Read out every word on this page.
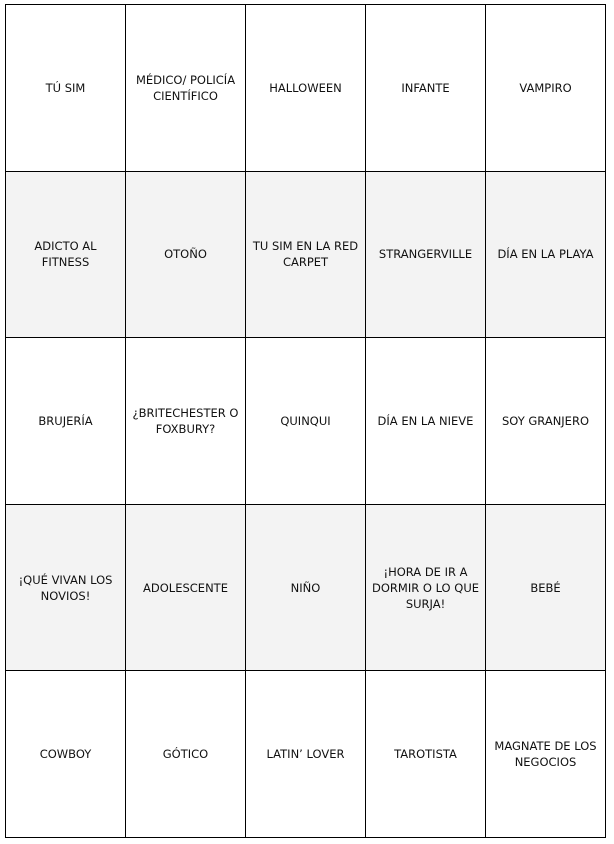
TÚ SIM	MÉDICO/ POLICÍA CIENTÍFICO	HALLOWEEN	INFANTE	VAMPIRO
ADICTO AL FITNESS	OTOÑO	TU SIM EN LA RED CARPET	STRANGERVILLE	DÍA EN LA PLAYA
BRUJERÍA	¿BRITECHESTER O FOXBURY?	QUINQUI	DÍA EN LA NIEVE	SOY GRANJERO
¡QUÉ VIVAN LOS NOVIOS!	ADOLESCENTE	NIÑO	¡HORA DE IR A DORMIR O LO QUE SURJA!	BEBÉ
COWBOY	GÓTICO	LATIN’ LOVER	TAROTISTA	MAGNATE DE LOS NEGOCIOS
